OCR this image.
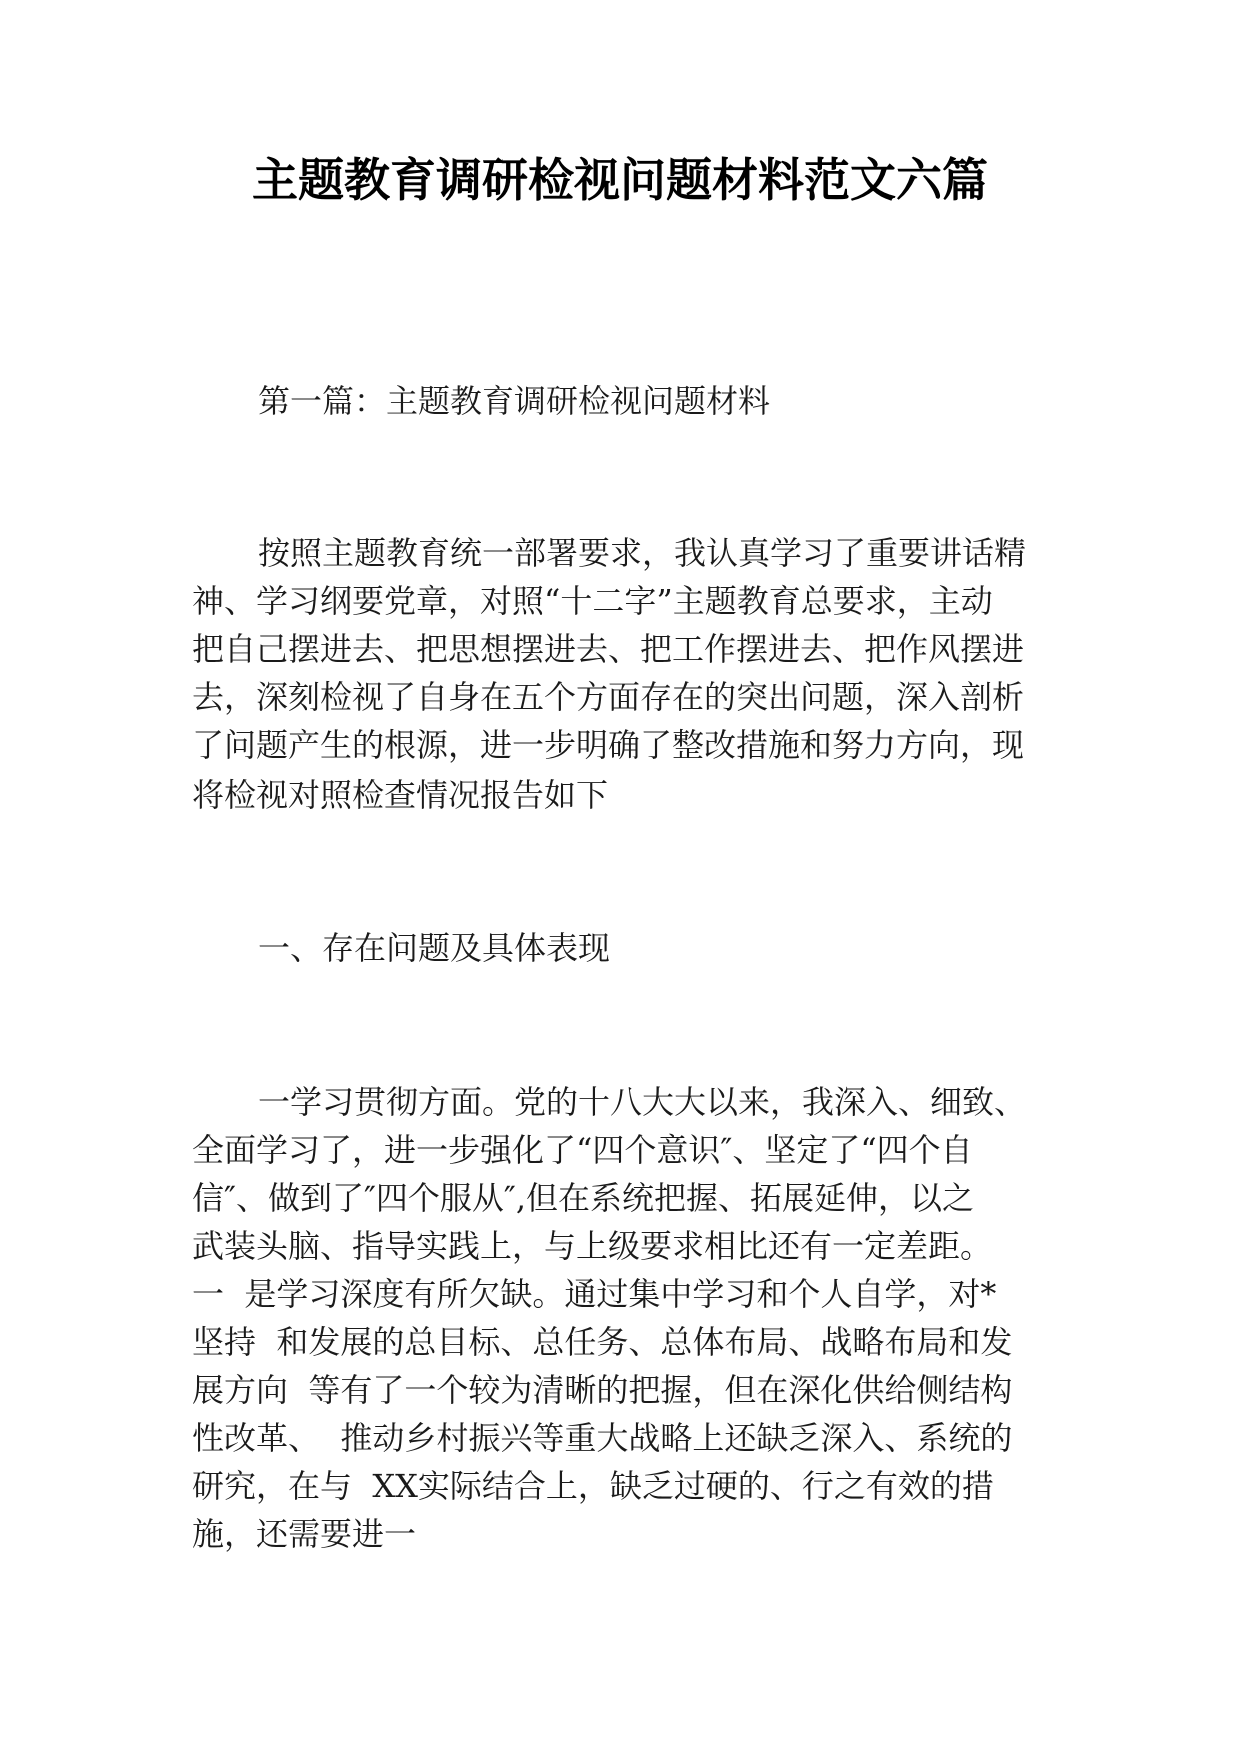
主题教育调研检视问题材料范文六篇
第一篇：主题教育调研检视问题材料
按照主题教育统一部署要求，我认真学习了重要讲话精
神、学习纲要党章，对照“十二字”主题教育总要求，主动
把自己摆进去、把思想摆进去、把工作摆进去、把作风摆进
去，深刻检视了自身在五个方面存在的突出问题，深入剖析
了问题产生的根源，进一步明确了整改措施和努力方向，现
将检视对照检查情况报告如下
一、存在问题及具体表现
一学习贯彻方面。党的十八大大以来，我深入、细致、
全面学习了，进一步强化了“四个意识″、坚定了“四个自
信″、做到了″四个服从″,但在系统把握、拓展延伸，以之
武装头脑、指导实践上，与上级要求相比还有一定差距。
一  是学习深度有所欠缺。通过集中学习和个人自学，对*
坚持  和发展的总目标、总任务、总体布局、战略布局和发
展方向  等有了一个较为清晰的把握，但在深化供给侧结构
性改革、  推动乡村振兴等重大战略上还缺乏深入、系统的
研究，在与  XX实际结合上，缺乏过硬的、行之有效的措
施，还需要进一
